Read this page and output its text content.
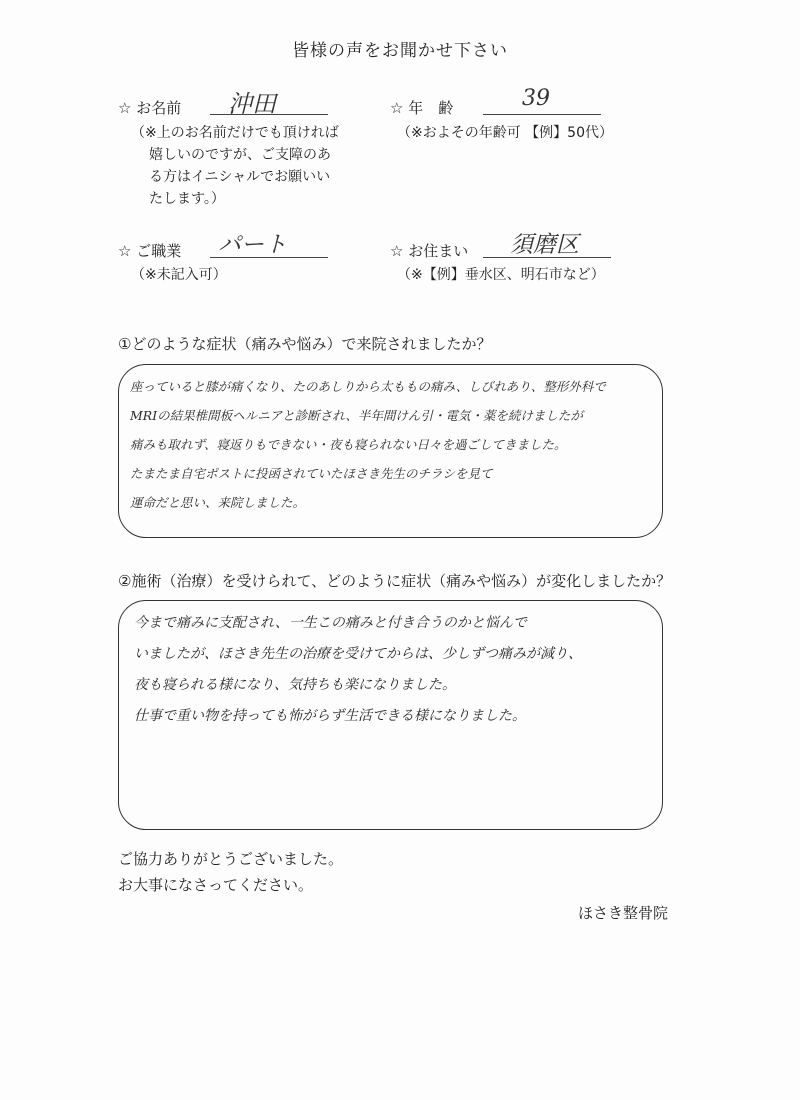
皆様の声をお聞かせ下さい
☆ お名前 沖田
（※上のお名前だけでも頂ければ
嬉しいのですが、ご支障のあ
る方はイニシャルでお願いい
たします。）
☆ 年　齢	39
（※およその年齢可 【例】50代）
☆ ご職業 パート
（※未記入可）
☆ お住まい 須磨区
（※【例】垂水区、明石市など）
①どのような症状（痛みや悩み）で来院されましたか？
座っていると膝が痛くなり、たのあしりから太ももの痛み、しびれあり、整形外科で
MRIの結果椎間板ヘルニアと診断され、半年間けん引・電気・薬を続けましたが
痛みも取れず、寝返りもできない・夜も寝られない日々を過ごしてきました。
たまたま自宅ポストに投函されていたほさき先生のチラシを見て
運命だと思い、来院しました。
②施術（治療）を受けられて、どのように症状（痛みや悩み）が変化しましたか？
今まで痛みに支配され、一生この痛みと付き合うのかと悩んで
いましたが、ほさき先生の治療を受けてからは、少しずつ痛みが減り、
夜も寝られる様になり、気持ちも楽になりました。
仕事で重い物を持っても怖がらず生活できる様になりました。
ご協力ありがとうございました。
お大事になさってください。
ほさき整骨院
